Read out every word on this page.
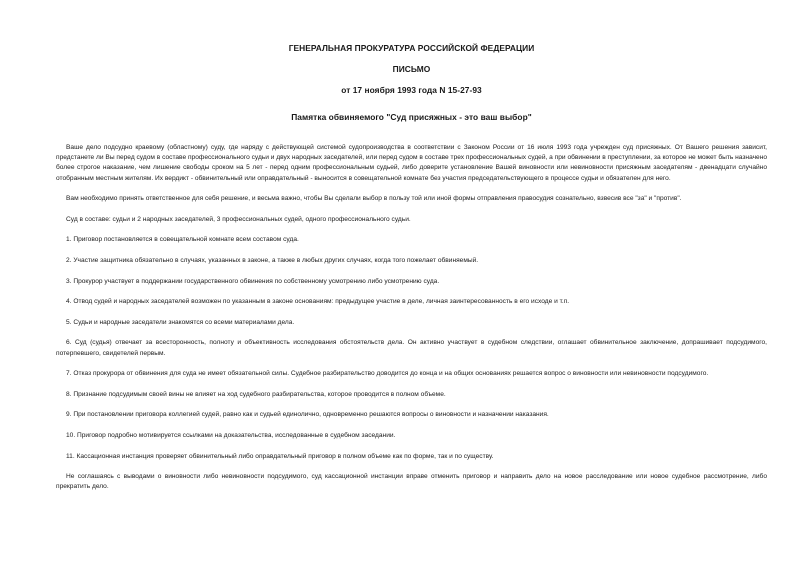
ГЕНЕРАЛЬНАЯ ПРОКУРАТУРА РОССИЙСКОЙ ФЕДЕРАЦИИ

ПИСЬМО

от 17 ноября 1993 года N 15-27-93

Памятка обвиняемого "Суд присяжных - это ваш выбор"

Ваше дело подсудно краевому (областному) суду, где наряду с действующей системой судопроизводства в соответствии с Законом России от 16 июля 1993 года учрежден суд присяжных. От Вашего решения зависит, предстанете ли Вы перед судом в составе профессионального судьи и двух народных заседателей, или перед судом в составе трех профессиональных судей, а при обвинении в преступлении, за которое не может быть назначено более строгое наказание, чем лишение свободы сроком на 5 лет - перед одним профессиональным судьей, либо доверите установление Вашей виновности или невиновности присяжным заседателям - двенадцати случайно отобранным местным жителям. Их вердикт - обвинительный или оправдательный - выносится в совещательной комнате без участия председательствующего в процессе судьи и обязателен для него.

Вам необходимо принять ответственное для себя решение, и весьма важно, чтобы Вы сделали выбор в пользу той или иной формы отправления правосудия сознательно, взвесив все "за" и "против".

Суд в составе: судьи и 2 народных заседателей, 3 профессиональных судей, одного профессионального судьи.

1. Приговор постановляется в совещательной комнате всем составом суда.

2. Участие защитника обязательно в случаях, указанных в законе, а также в любых других случаях, когда того пожелает обвиняемый.

3. Прокурор участвует в поддержании государственного обвинения по собственному усмотрению либо усмотрению суда.

4. Отвод судей и народных заседателей возможен по указанным в законе основаниям: предыдущее участие в деле, личная заинтересованность в его исходе и т.п.

5. Судьи и народные заседатели знакомятся со всеми материалами дела.

6. Суд (судья) отвечает за всесторонность, полноту и объективность исследования обстоятельств дела. Он активно участвует в судебном следствии, оглашает обвинительное заключение, допрашивает подсудимого, потерпевшего, свидетелей первым.

7. Отказ прокурора от обвинения для суда не имеет обязательной силы. Судебное разбирательство доводится до конца и на общих основаниях решается вопрос о виновности или невиновности подсудимого.

8. Признание подсудимым своей вины не влияет на ход судебного разбирательства, которое проводится в полном объеме.

9. При постановлении приговора коллегией судей, равно как и судьей единолично, одновременно решаются вопросы о виновности и назначении наказания.

10. Приговор подробно мотивируется ссылками на доказательства, исследованные в судебном заседании.

11. Кассационная инстанция проверяет обвинительный либо оправдательный приговор в полном объеме как по форме, так и по существу.

Не соглашаясь с выводами о виновности либо невиновности подсудимого, суд кассационной инстанции вправе отменить приговор и направить дело на новое расследование или новое судебное рассмотрение, либо прекратить дело.
